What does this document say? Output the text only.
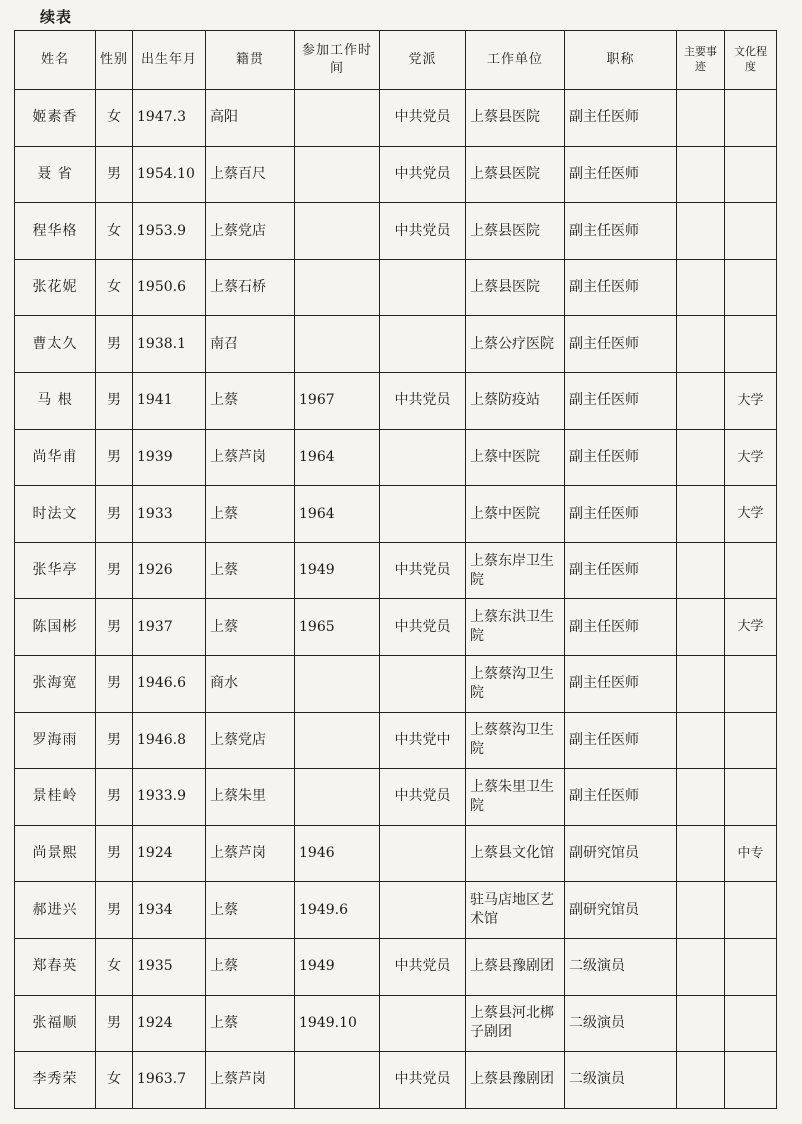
续表
姓名	性别	出生年月	籍贯	参加工作时间	党派	工作单位	职称	主要事迹	文化程度
姬素香	女	1947.3	高阳		中共党员	上蔡县医院	副主任医师		
聂 省	男	1954.10	上蔡百尺		中共党员	上蔡县医院	副主任医师		
程华格	女	1953.9	上蔡党店		中共党员	上蔡县医院	副主任医师		
张花妮	女	1950.6	上蔡石桥			上蔡县医院	副主任医师		
曹太久	男	1938.1	南召			上蔡公疗医院	副主任医师		
马 根	男	1941	上蔡	1967	中共党员	上蔡防疫站	副主任医师		大学
尚华甫	男	1939	上蔡芦岗	1964		上蔡中医院	副主任医师		大学
时法文	男	1933	上蔡	1964		上蔡中医院	副主任医师		大学
张华亭	男	1926	上蔡	1949	中共党员	上蔡东岸卫生院	副主任医师		
陈国彬	男	1937	上蔡	1965	中共党员	上蔡东洪卫生院	副主任医师		大学
张海宽	男	1946.6	商水			上蔡蔡沟卫生院	副主任医师		
罗海雨	男	1946.8	上蔡党店		中共党中	上蔡蔡沟卫生院	副主任医师		
景桂岭	男	1933.9	上蔡朱里		中共党员	上蔡朱里卫生院	副主任医师		
尚景熙	男	1924	上蔡芦岗	1946		上蔡县文化馆	副研究馆员		中专
郝进兴	男	1934	上蔡	1949.6		驻马店地区艺术馆	副研究馆员		
郑春英	女	1935	上蔡	1949	中共党员	上蔡县豫剧团	二级演员		
张福顺	男	1924	上蔡	1949.10		上蔡县河北梆子剧团	二级演员		
李秀荣	女	1963.7	上蔡芦岗		中共党员	上蔡县豫剧团	二级演员		
